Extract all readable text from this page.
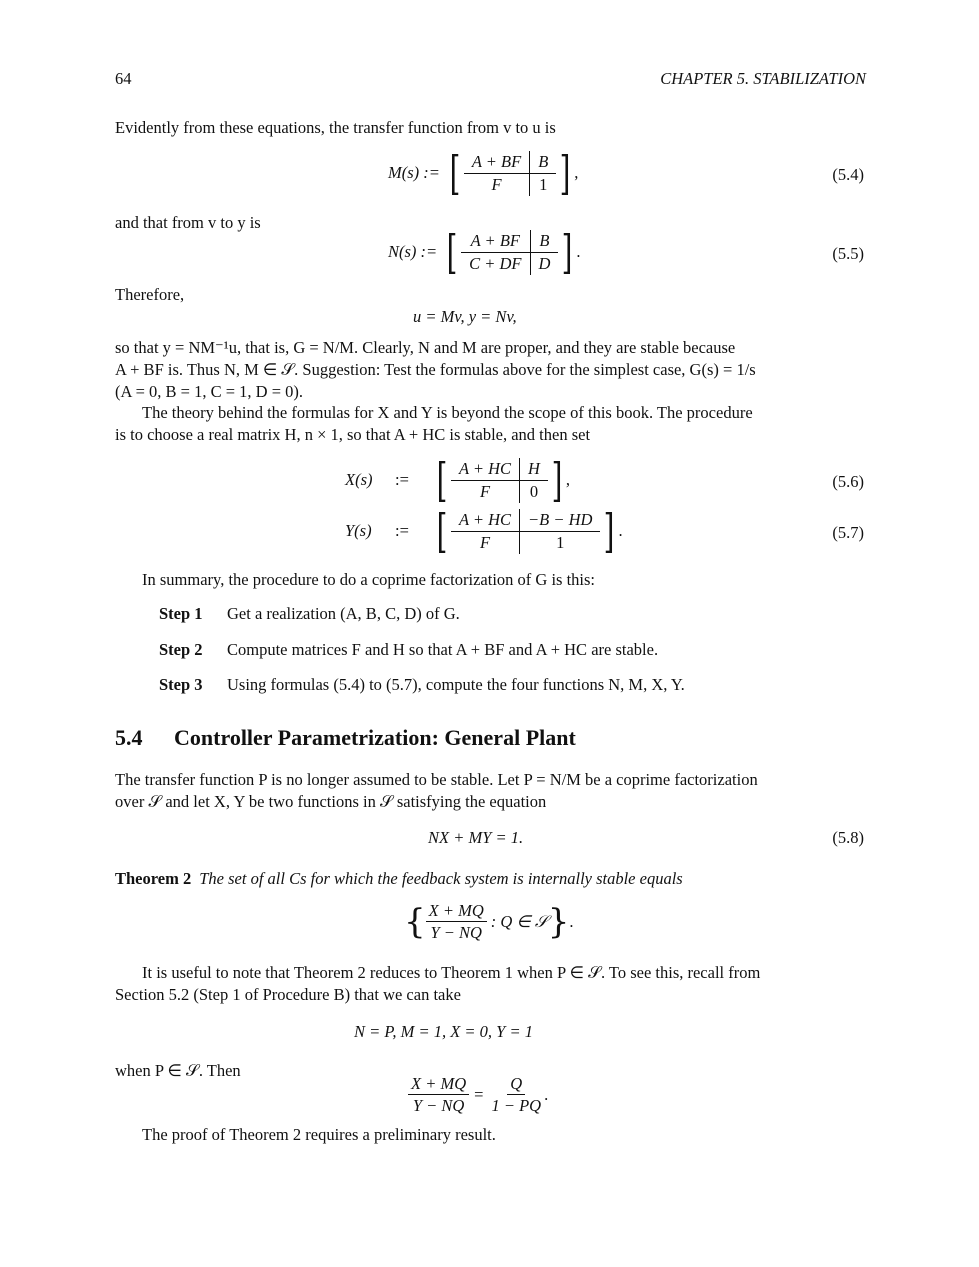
64	CHAPTER 5. STABILIZATION
Evidently from these equations, the transfer function from v to u is
M(s) := [ A + BF	B
F	1 ] ,	(5.4)
and that from v to y is
N(s) := [ A + BF	B
C + DF	D ] .	(5.5)
Therefore,
u = Mv, y = Nv,
so that y = NM⁻¹u, that is, G = N/M. Clearly, N and M are proper, and they are stable because
A + BF is. Thus N, M ∈ 𝒮. Suggestion: Test the formulas above for the simplest case, G(s) = 1/s
(A = 0, B = 1, C = 1, D = 0).
The theory behind the formulas for X and Y is beyond the scope of this book. The procedure
is to choose a real matrix H, n × 1, so that A + HC is stable, and then set
X(s)	:= [ A + HC	H
F	0 ] ,	(5.6)
Y(s)	:= [ A + HC	−B − HD
F	1 ] .	(5.7)
In summary, the procedure to do a coprime factorization of G is this:
Step 1 Get a realization (A, B, C, D) of G.
Step 2 Compute matrices F and H so that A + BF and A + HC are stable.
Step 3 Using formulas (5.4) to (5.7), compute the four functions N, M, X, Y.
5.4 Controller Parametrization: General Plant
The transfer function P is no longer assumed to be stable. Let P = N/M be a coprime factorization
over 𝒮 and let X, Y be two functions in 𝒮 satisfying the equation
NX + MY = 1.	(5.8)
Theorem 2 The set of all Cs for which the feedback system is internally stable equals
{ $\frac{X + MQ}{Y - NQ}$ : Q ∈ 𝒮 } .
It is useful to note that Theorem 2 reduces to Theorem 1 when P ∈ 𝒮. To see this, recall from
Section 5.2 (Step 1 of Procedure B) that we can take
N = P, M = 1, X = 0, Y = 1
when P ∈ 𝒮. Then
$\frac{X + MQ}{Y - NQ} = \frac{Q}{1 - PQ}$ .
The proof of Theorem 2 requires a preliminary result.
